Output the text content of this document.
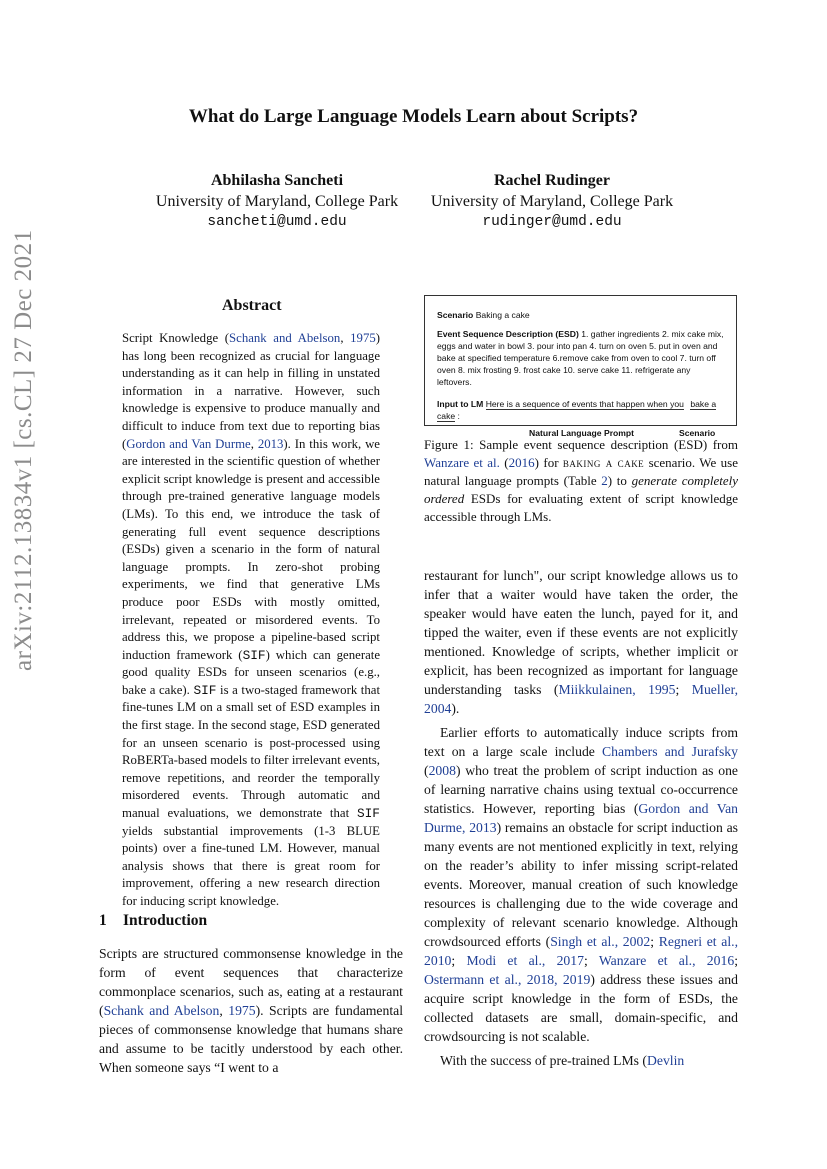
What do Large Language Models Learn about Scripts?
Abhilasha Sancheti
University of Maryland, College Park
sancheti@umd.edu
Rachel Rudinger
University of Maryland, College Park
rudinger@umd.edu
arXiv:2112.13834v1 [cs.CL] 27 Dec 2021	Abstract
Script Knowledge (Schank and Abelson, 1975) has long been recognized as crucial for language understanding as it can help in filling in unstated information in a narrative. However, such knowledge is expensive to produce manually and difficult to induce from text due to reporting bias (Gordon and Van Durme, 2013). In this work, we are interested in the scientific question of whether explicit script knowledge is present and accessible through pre-trained generative language models (LMs). To this end, we introduce the task of generating full event sequence descriptions (ESDs) given a scenario in the form of natural language prompts. In zero-shot probing experiments, we find that generative LMs produce poor ESDs with mostly omitted, irrelevant, repeated or misordered events. To address this, we propose a pipeline-based script induction framework (SIF) which can generate good quality ESDs for unseen scenarios (e.g., bake a cake). SIF is a two-staged framework that fine-tunes LM on a small set of ESD examples in the first stage. In the second stage, ESD generated for an unseen scenario is post-processed using RoBERTa-based models to filter irrelevant events, remove repetitions, and reorder the temporally misordered events. Through automatic and manual evaluations, we demonstrate that SIF yields substantial improvements (1-3 BLUE points) over a fine-tuned LM. However, manual analysis shows that there is great room for improvement, offering a new research direction for inducing script knowledge.
1 Introduction

Scripts are structured commonsense knowledge in the form of event sequences that characterize commonplace scenarios, such as, eating at a restaurant (Schank and Abelson, 1975). Scripts are fundamental pieces of commonsense knowledge that humans share and assume to be tacitly understood by each other. When someone says “I went to a

Scenario Baking a cake
Event Sequence Description (ESD) 1. gather ingredients 2. mix cake mix, eggs and water in bowl 3. pour into pan 4. turn on oven 5. put in oven and bake at specified temperature 6.remove cake from oven to cool 7. turn off oven 8. mix frosting 9. frost cake 10. serve cake 11. refrigerate any leftovers.
Input to LM Here is a sequence of events that happen when you bake a cake :
Natural Language Prompt	Scenario
Figure 1: Sample event sequence description (ESD) from Wanzare et al. (2016) for baking a cake scenario. We use natural language prompts (Table 2) to generate completely ordered ESDs for evaluating extent of script knowledge accessible through LMs.

restaurant for lunch", our script knowledge allows us to infer that a waiter would have taken the order, the speaker would have eaten the lunch, payed for it, and tipped the waiter, even if these events are not explicitly mentioned. Knowledge of scripts, whether implicit or explicit, has been recognized as important for language understanding tasks (Miikkulainen, 1995; Mueller, 2004).

Earlier efforts to automatically induce scripts from text on a large scale include Chambers and Jurafsky (2008) who treat the problem of script induction as one of learning narrative chains using textual co-occurrence statistics. However, reporting bias (Gordon and Van Durme, 2013) remains an obstacle for script induction as many events are not mentioned explicitly in text, relying on the reader’s ability to infer missing script-related events. Moreover, manual creation of such knowledge resources is challenging due to the wide coverage and complexity of relevant scenario knowledge. Although crowdsourced efforts (Singh et al., 2002; Regneri et al., 2010; Modi et al., 2017; Wanzare et al., 2016; Ostermann et al., 2018, 2019) address these issues and acquire script knowledge in the form of ESDs, the collected datasets are small, domain-specific, and crowdsourcing is not scalable.

With the success of pre-trained LMs (Devlin
